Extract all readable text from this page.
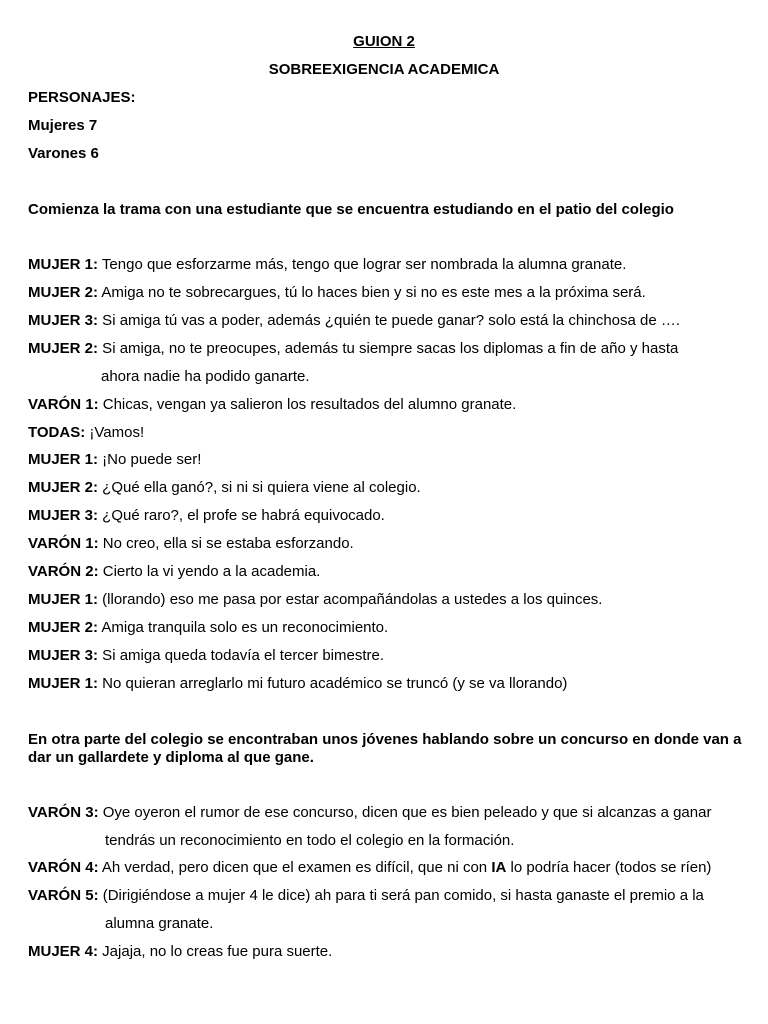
GUION 2
SOBREEXIGENCIA ACADEMICA
PERSONAJES:
Mujeres 7
Varones 6
Comienza la trama con una estudiante que se encuentra estudiando en el patio del colegio
MUJER 1: Tengo que esforzarme más, tengo que lograr ser nombrada la alumna granate.
MUJER 2: Amiga no te sobrecargues, tú lo haces bien y si no es este mes a la próxima será.
MUJER 3: Si amiga tú vas a poder, además ¿quién te puede ganar? solo está la chinchosa de ….
MUJER 2: Si amiga, no te preocupes, además tu siempre sacas los diplomas a fin de año y hasta
ahora nadie ha podido ganarte.
VARÓN 1: Chicas, vengan ya salieron los resultados del alumno granate.
TODAS: ¡Vamos!
MUJER 1: ¡No puede ser!
MUJER 2: ¿Qué ella ganó?, si ni si quiera viene al colegio.
MUJER 3: ¿Qué raro?, el profe se habrá equivocado.
VARÓN 1: No creo, ella si se estaba esforzando.
VARÓN 2: Cierto la vi yendo a la academia.
MUJER 1: (llorando) eso me pasa por estar acompañándolas a ustedes a los quinces.
MUJER 2: Amiga tranquila solo es un reconocimiento.
MUJER 3: Si amiga queda todavía el tercer bimestre.
MUJER 1: No quieran arreglarlo mi futuro académico se truncó (y se va llorando)
En otra parte del colegio se encontraban unos jóvenes hablando sobre un concurso en donde van a dar un gallardete y diploma al que gane.
VARÓN 3: Oye oyeron el rumor de ese concurso, dicen que es bien peleado y que si alcanzas a ganar
tendrás un reconocimiento en todo el colegio en la formación.
VARÓN 4: Ah verdad, pero dicen que el examen es difícil, que ni con IA lo podría hacer (todos se ríen)
VARÓN 5: (Dirigiéndose a mujer 4 le dice) ah para ti será pan comido, si hasta ganaste el premio a la
alumna granate.
MUJER 4: Jajaja, no lo creas fue pura suerte.
